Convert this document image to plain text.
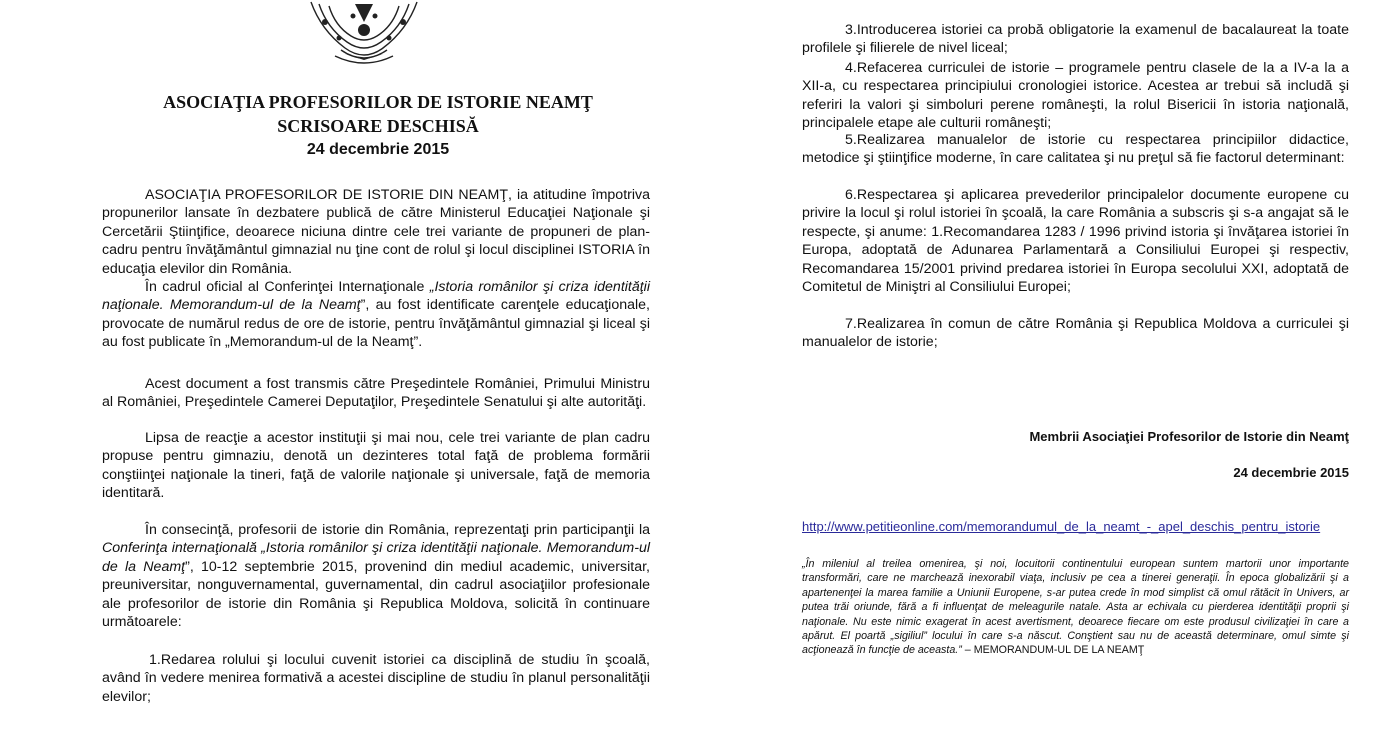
ASOCIAŢIA PROFESORILOR DE ISTORIE NEAMŢ
SCRISOARE DESCHISĂ
24 decembrie 2015

ASOCIAŢIA PROFESORILOR DE ISTORIE DIN NEAMŢ, ia atitudine împotriva propunerilor lansate în dezbatere publică de către Ministerul Educaţiei Naţionale şi Cercetării Ştiinţifice, deoarece niciuna dintre cele trei variante de propuneri de plan-cadru pentru învăţământul gimnazial nu ţine cont de rolul şi locul disciplinei ISTORIA în educaţia elevilor din România.

În cadrul oficial al Conferinţei Internaţionale „Istoria românilor şi criza identităţii naţionale. Memorandum-ul de la Neamţ”, au fost identificate carenţele educaţionale, provocate de numărul redus de ore de istorie, pentru învăţământul gimnazial şi liceal şi au fost publicate în „Memorandum-ul de la Neamţ”.

Acest document a fost transmis către Preşedintele României, Primului Ministru al României, Preşedintele Camerei Deputaţilor, Preşedintele Senatului şi alte autorităţi.

Lipsa de reacţie a acestor instituţii şi mai nou, cele trei variante de plan cadru propuse pentru gimnaziu, denotă un dezinteres total faţă de problema formării conştiinţei naţionale la tineri, faţă de valorile naţionale şi universale, faţă de memoria identitară.

În consecinţă, profesorii de istorie din România, reprezentaţi prin participanţii la Conferinţa internaţională „Istoria românilor şi criza identităţii naţionale. Memorandum-ul de la Neamţ”, 10-12 septembrie 2015, provenind din mediul academic, universitar, preuniversitar, nonguvernamental, guvernamental, din cadrul asociaţiilor profesionale ale profesorilor de istorie din România şi Republica Moldova, solicită în continuare următoarele:

1.Redarea rolului şi locului cuvenit istoriei ca disciplină de studiu în şcoală, având în vedere menirea formativă a acestei discipline de studiu în planul personalităţii elevilor;

3.Introducerea istoriei ca probă obligatorie la examenul de bacalaureat la toate profilele şi filierele de nivel liceal;

4.Refacerea curriculei de istorie – programele pentru clasele de la a IV-a la a XII-a, cu respectarea principiului cronologiei istorice. Acestea ar trebui să includă şi referiri la valori şi simboluri perene româneşti, la rolul Bisericii în istoria naţională, principalele etape ale culturii româneşti;

5.Realizarea manualelor de istorie cu respectarea principiilor didactice, metodice şi ştiinţifice moderne, în care calitatea şi nu preţul să fie factorul determinant:

6.Respectarea şi aplicarea prevederilor principalelor documente europene cu privire la locul şi rolul istoriei în şcoală, la care România a subscris şi s-a angajat să le respecte, şi anume: 1.Recomandarea 1283 / 1996 privind istoria şi învăţarea istoriei în Europa, adoptată de Adunarea Parlamentară a Consiliului Europei şi respectiv, Recomandarea 15/2001 privind predarea istoriei în Europa secolului XXI, adoptată de Comitetul de Miniştri al Consiliului Europei;

7.Realizarea în comun de către România şi Republica Moldova a curriculei şi manualelor de istorie;

Membrii Asociaţiei Profesorilor de Istorie din Neamţ
24 decembrie 2015
http://www.petitieonline.com/memorandumul_de_la_neamt_-_apel_deschis_pentru_istorie

„În mileniul al treilea omenirea, şi noi, locuitorii continentului european suntem martorii unor importante transformări, care ne marchează inexorabil viaţa, inclusiv pe cea a tinerei generaţii. În epoca globalizării şi a apartenenţei la marea familie a Uniunii Europene, s-ar putea crede în mod simplist că omul rătăcit în Univers, ar putea trăi oriunde, fără a fi influenţat de meleagurile natale. Asta ar echivala cu pierderea identităţii proprii şi naţionale. Nu este nimic exagerat în acest avertisment, deoarece fiecare om este produsul civilizaţiei în care a apărut. El poartă „sigiliul” locului în care s-a născut. Conştient sau nu de această determinare, omul simte şi acţionează în funcţie de aceasta.” – MEMORANDUM-UL DE LA NEAMŢ
